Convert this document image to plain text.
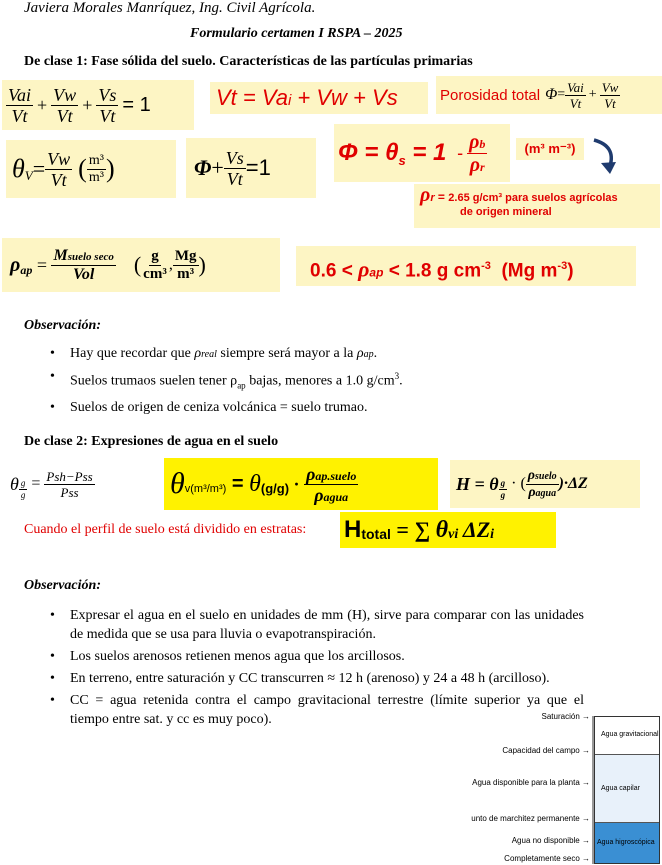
Javiera Morales Manríquez, Ing. Civil Agrícola.
Formulario certamen I RSPA – 2025
De clase 1: Fase sólida del suelo. Características de las partículas primarias
$\frac{\text{Vai}}{Vt} + \frac{Vw}{Vt} + \frac{Vs}{Vt} = 1$	Vt = Vai + Vw + Vs	Porosidad total $\Phi = \frac{\text{Vai}}{Vt} + \frac{Vw}{Vt}$
θ $V = \frac{Vw}{Vt}$ ( $\frac{\text{m³}}{\text{m³}}$ )	$\Phi + \frac{Vs}{Vt} =1$
Φ = θ $s = 1 - \frac{\rho b}{\rho r}$	(m³ m⁻³)
ρ r = 2.65 g/cm³ para suelos agrícolas
de origen mineral
ρ ap = $\frac{\text{Msuelo seco}}{\text{Vol}}$ ( $\frac{g}{\text{cm³}}$ , $\frac{Mg}{\text{m³}}$ )	0.6 < ρap < 1.8 g $cm^{-3}$  (Mg $m^{-3}$)
Observación:
• Hay que recordar que ρreal siempre será mayor a la ρap.
• Suelos trumaos suelen tener $\rho_{ap}$ bajas, menores a 1.0 $g/cm^3$.
• Suelos de origen de ceniza volcánica = suelo trumao.
De clase 2: Expresiones de agua en el suelo
θ $\frac{g}{g} = \frac{\text{Psh−Pss}}{\text{Pss}}$	θ v(m³/m³) = θ $(g/g) \cdot \frac{\text{ρap.suelo}}{\text{ρagua}}$	H = θ $\frac{g}{g}$ · ( $\frac{\text{ρsuelo}}{\text{ρagua}} )\cdot\Delta Z$
Cuando el perfil de suelo está dividido en estratas: H total = ∑ θ vi ΔZ i
Observación:
• Expresar el agua en el suelo en unidades de mm (H), sirve para comparar con las unidades de medida que se usa para lluvia o evapotranspiración.
• Los suelos arenosos retienen menos agua que los arcillosos.
• En terreno, entre saturación y CC transcurren ≈ 12 h (arenoso) y 24 a 48 h (arcilloso).
• CC = agua retenida contra el campo gravitacional terrestre (límite superior ya que el tiempo entre sat. y cc es muy poco).
Agua gravitacional
Agua capilar
Agua higroscópica
Saturación →
Capacidad del campo →
Agua disponible para la planta →
unto de marchitez permanente →
Agua no disponible →
Completamente seco →
